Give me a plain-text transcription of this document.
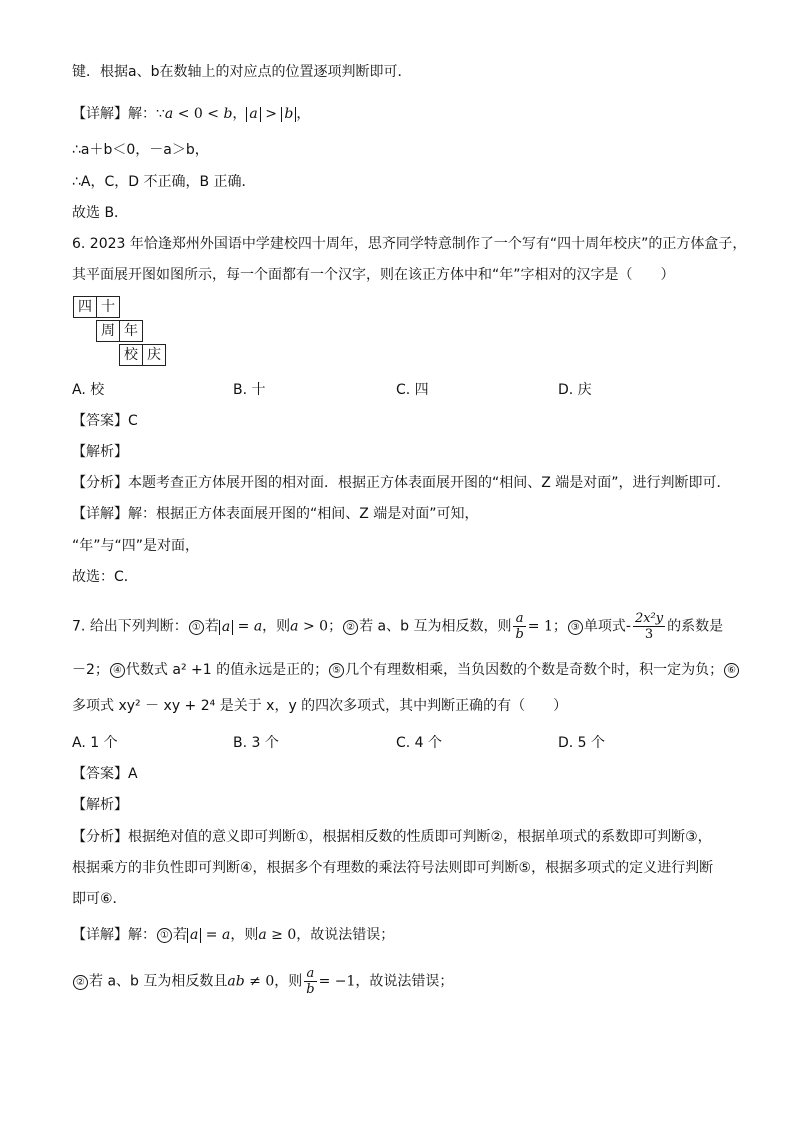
键．根据a、b在数轴上的对应点的位置逐项判断即可．
【详解】解：∵a < 0 < b， a > b ，
∴a＋b＜0，－a＞b，
∴A，C，D 不正确，B 正确．
故选 B．
6. 2023 年恰逢郑州外国语中学建校四十周年，思齐同学特意制作了一个写有“四十周年校庆”的正方体盒子，
其平面展开图如图所示，每一个面都有一个汉字，则在该正方体中和“年”字相对的汉字是（　　）
四 十
周 年
校 庆
A. 校	B. 十	C. 四	D. 庆
【答案】C
【解析】
【分析】本题考查正方体展开图的相对面．根据正方体表面展开图的“相间、Z 端是对面”，进行判断即可．
【详解】解：根据正方体表面展开图的“相间、Z 端是对面”可知，
“年”与“四”是对面，
故选：C．
7. 给出下列判断： ① 若 a = a，则a > 0； ② 若 a、b 互为相反数，则 $\frac{a}{b} = 1$； ③ 单项式- $\frac{\text{2x²y}}{3}$ 的系数是
－2； ④ 代数式 a² +1 的值永远是正的； ⑤ 几个有理数相乘，当负因数的个数是奇数个时，积一定为负； ⑥
多项式 xy² － xy + 2⁴ 是关于 x，y 的四次多项式，其中判断正确的有（　　）
A. 1 个	B. 3 个	C. 4 个	D. 5 个
【答案】A
【解析】
【分析】根据绝对值的意义即可判断①，根据相反数的性质即可判断②，根据单项式的系数即可判断③，
根据乘方的非负性即可判断④，根据多个有理数的乘法符号法则即可判断⑤，根据多项式的定义进行判断
即可⑥．
【详解】解： ① 若 a = a，则a ≥ 0，故说法错误；
② 若 a、b 互为相反数且ab ≠ 0，则 $\frac{a}{b} = -1$，故说法错误；
